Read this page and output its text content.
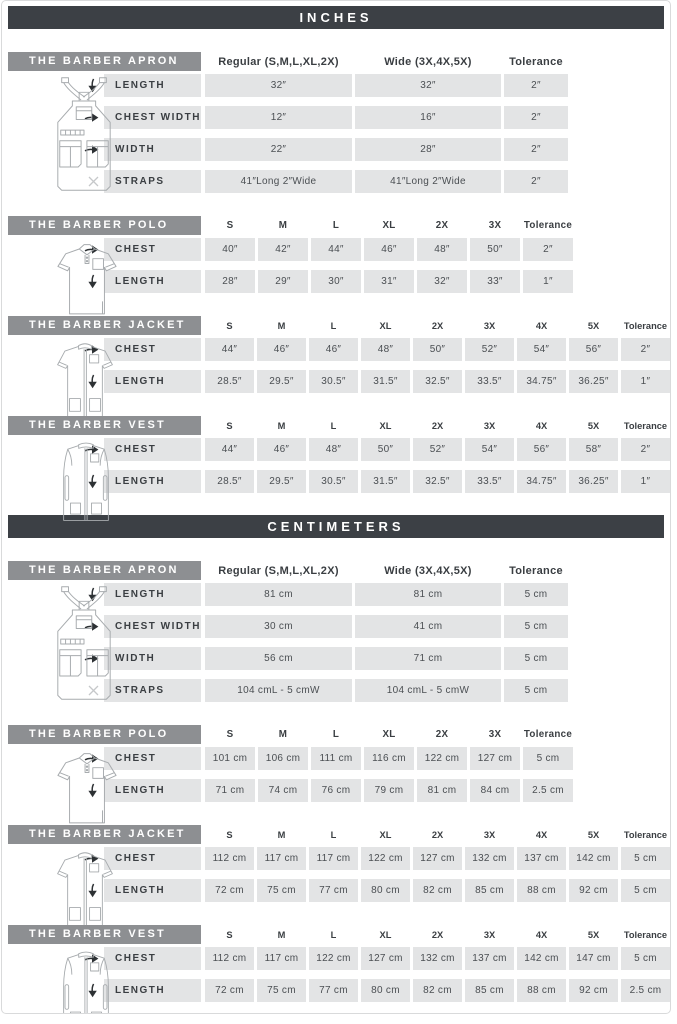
INCHES
THE BARBER APRON	Regular (S,M,L,XL,2X)	Wide (3X,4X,5X)	Tolerance
LENGTH	32″	32″	2″
CHEST WIDTH	12″	16″	2″
WIDTH	22″	28″	2″
STRAPS	41″Long 2″Wide	41″Long 2″Wide	2″
THE BARBER POLO	S	M	L	XL	2X	3X	Tolerance
CHEST	40″	42″	44″	46″	48″	50″	2″
LENGTH	28″	29″	30″	31″	32″	33″	1″
THE BARBER JACKET	S	M	L	XL	2X	3X	4X	5X	Tolerance
CHEST	44″	46″	46″	48″	50″	52″	54″	56″	2″
LENGTH	28.5″	29.5″	30.5″	31.5″	32.5″	33.5″	34.75″	36.25″	1″
THE BARBER VEST	S	M	L	XL	2X	3X	4X	5X	Tolerance
CHEST	44″	46″	48″	50″	52″	54″	56″	58″	2″
LENGTH	28.5″	29.5″	30.5″	31.5″	32.5″	33.5″	34.75″	36.25″	1″
CENTIMETERS
THE BARBER APRON	Regular (S,M,L,XL,2X)	Wide (3X,4X,5X)	Tolerance
LENGTH	81 cm	81 cm	5 cm
CHEST WIDTH	30 cm	41 cm	5 cm
WIDTH	56 cm	71 cm	5 cm
STRAPS	104 cmL - 5 cmW	104 cmL - 5 cmW	5 cm
THE BARBER POLO	S	M	L	XL	2X	3X	Tolerance
CHEST	101 cm	106 cm	111 cm	116 cm	122 cm	127 cm	5 cm
LENGTH	71 cm	74 cm	76 cm	79 cm	81 cm	84 cm	2.5 cm
THE BARBER JACKET	S	M	L	XL	2X	3X	4X	5X	Tolerance
CHEST	112 cm	117 cm	117 cm	122 cm	127 cm	132 cm	137 cm	142 cm	5 cm
LENGTH	72 cm	75 cm	77 cm	80 cm	82 cm	85 cm	88 cm	92 cm	5 cm
THE BARBER VEST	S	M	L	XL	2X	3X	4X	5X	Tolerance
CHEST	112 cm	117 cm	122 cm	127 cm	132 cm	137 cm	142 cm	147 cm	5 cm
LENGTH	72 cm	75 cm	77 cm	80 cm	82 cm	85 cm	88 cm	92 cm	2.5 cm
